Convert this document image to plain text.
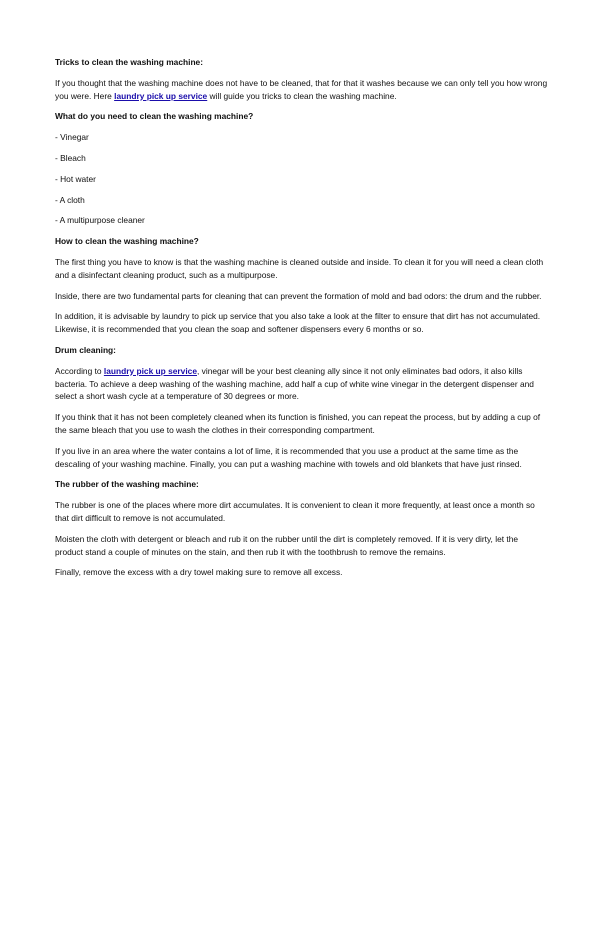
Tricks to clean the washing machine:
If you thought that the washing machine does not have to be cleaned, that for that it washes because we can only tell you how wrong you were. Here laundry pick up service will guide you tricks to clean the washing machine.
What do you need to clean the washing machine?
- Vinegar
- Bleach
- Hot water
- A cloth
- A multipurpose cleaner
How to clean the washing machine?
The first thing you have to know is that the washing machine is cleaned outside and inside. To clean it for you will need a clean cloth and a disinfectant cleaning product, such as a multipurpose.
Inside, there are two fundamental parts for cleaning that can prevent the formation of mold and bad odors: the drum and the rubber.
In addition, it is advisable by laundry to pick up service that you also take a look at the filter to ensure that dirt has not accumulated. Likewise, it is recommended that you clean the soap and softener dispensers every 6 months or so.
Drum cleaning:
According to laundry pick up service, vinegar will be your best cleaning ally since it not only eliminates bad odors, it also kills bacteria. To achieve a deep washing of the washing machine, add half a cup of white wine vinegar in the detergent dispenser and select a short wash cycle at a temperature of 30 degrees or more.
If you think that it has not been completely cleaned when its function is finished, you can repeat the process, but by adding a cup of the same bleach that you use to wash the clothes in their corresponding compartment.
If you live in an area where the water contains a lot of lime, it is recommended that you use a product at the same time as the descaling of your washing machine. Finally, you can put a washing machine with towels and old blankets that have just rinsed.
The rubber of the washing machine:
The rubber is one of the places where more dirt accumulates. It is convenient to clean it more frequently, at least once a month so that dirt difficult to remove is not accumulated.
Moisten the cloth with detergent or bleach and rub it on the rubber until the dirt is completely removed. If it is very dirty, let the product stand a couple of minutes on the stain, and then rub it with the toothbrush to remove the remains.
Finally, remove the excess with a dry towel making sure to remove all excess.
